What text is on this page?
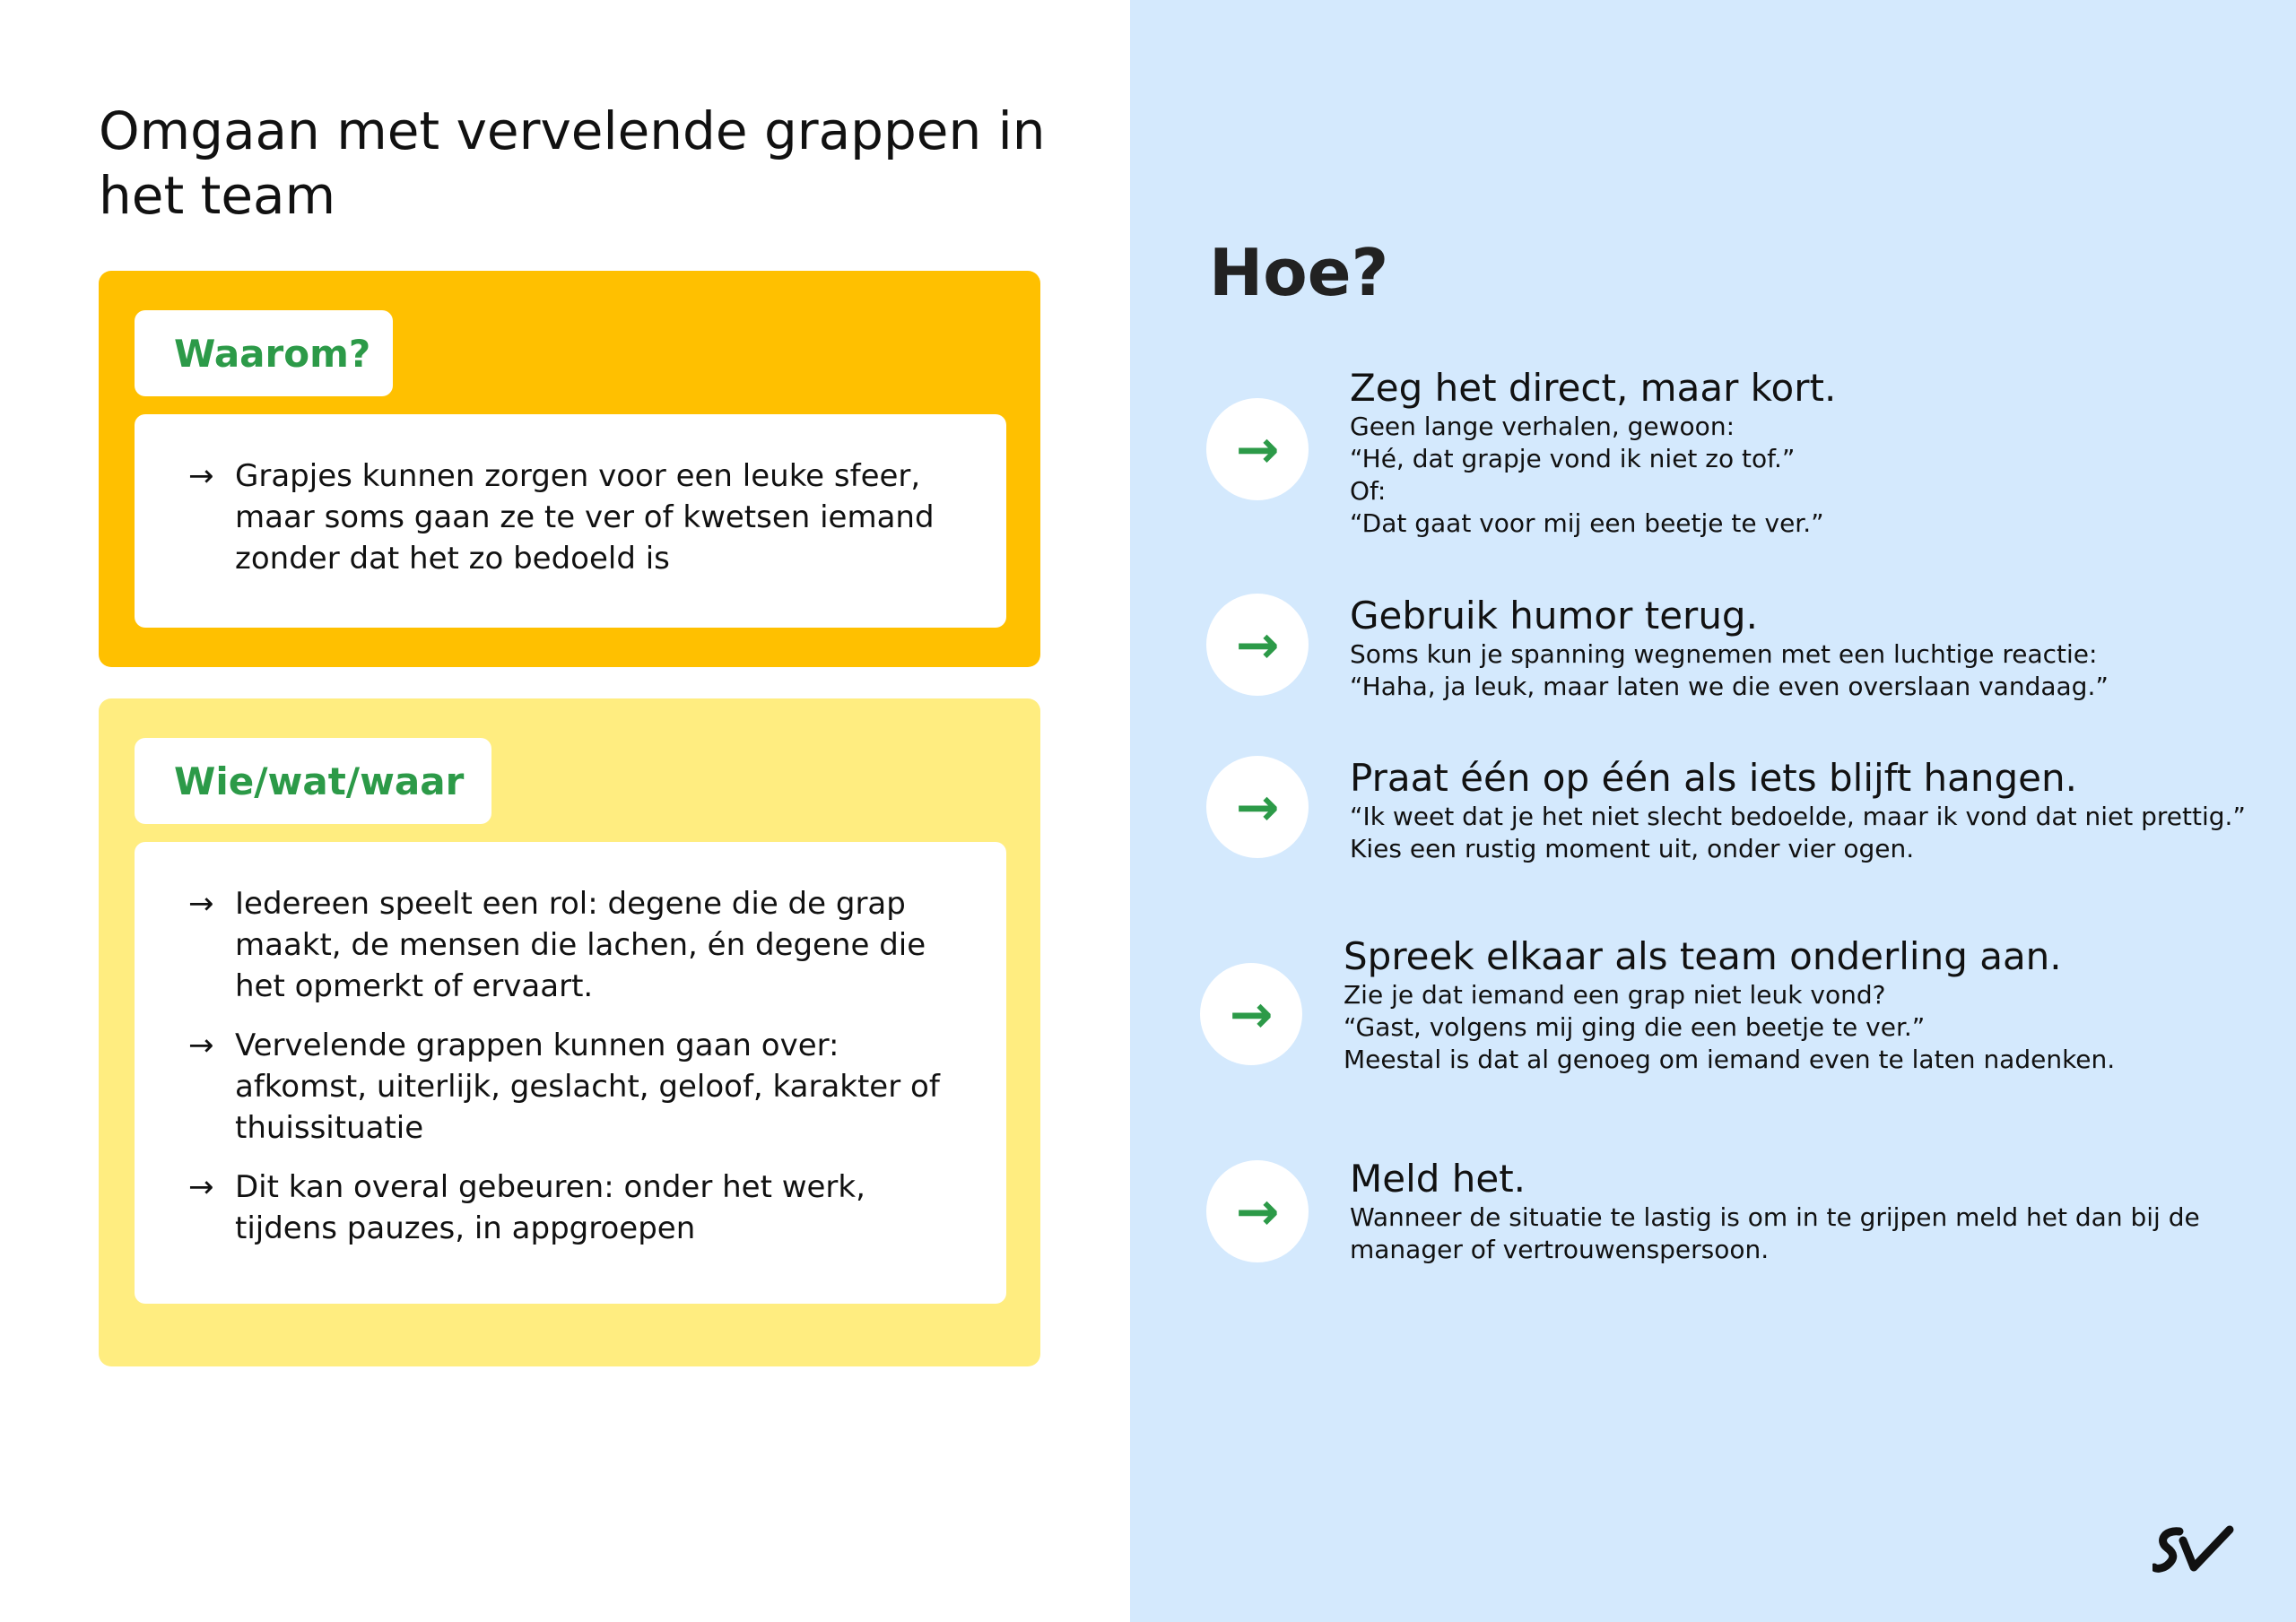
Omgaan met vervelende grappen in het team
Waarom?
→ Grapjes kunnen zorgen voor een leuke sfeer, maar soms gaan ze te ver of kwetsen iemand zonder dat het zo bedoeld is
Wie/wat/waar
→ Iedereen speelt een rol: degene die de grap maakt, de mensen die lachen, én degene die het opmerkt of ervaart.
→ Vervelende grappen kunnen gaan over: afkomst, uiterlijk, geslacht, geloof, karakter of thuissituatie
→ Dit kan overal gebeuren: onder het werk, tijdens pauzes, in appgroepen
Hoe?
→
Zeg het direct, maar kort.
Geen lange verhalen, gewoon:
“Hé, dat grapje vond ik niet zo tof.”
Of:
“Dat gaat voor mij een beetje te ver.”
→	Gebruik humor terug.
Soms kun je spanning wegnemen met een luchtige reactie:
“Haha, ja leuk, maar laten we die even overslaan vandaag.”
→	Praat één op één als iets blijft hangen.
“Ik weet dat je het niet slecht bedoelde, maar ik vond dat niet prettig.”
Kies een rustig moment uit, onder vier ogen.
→
Spreek elkaar als team onderling aan.
Zie je dat iemand een grap niet leuk vond?
“Gast, volgens mij ging die een beetje te ver.”
Meestal is dat al genoeg om iemand even te laten nadenken.
→
Meld het.
Wanneer de situatie te lastig is om in te grijpen meld het dan bij de
manager of vertrouwenspersoon.
